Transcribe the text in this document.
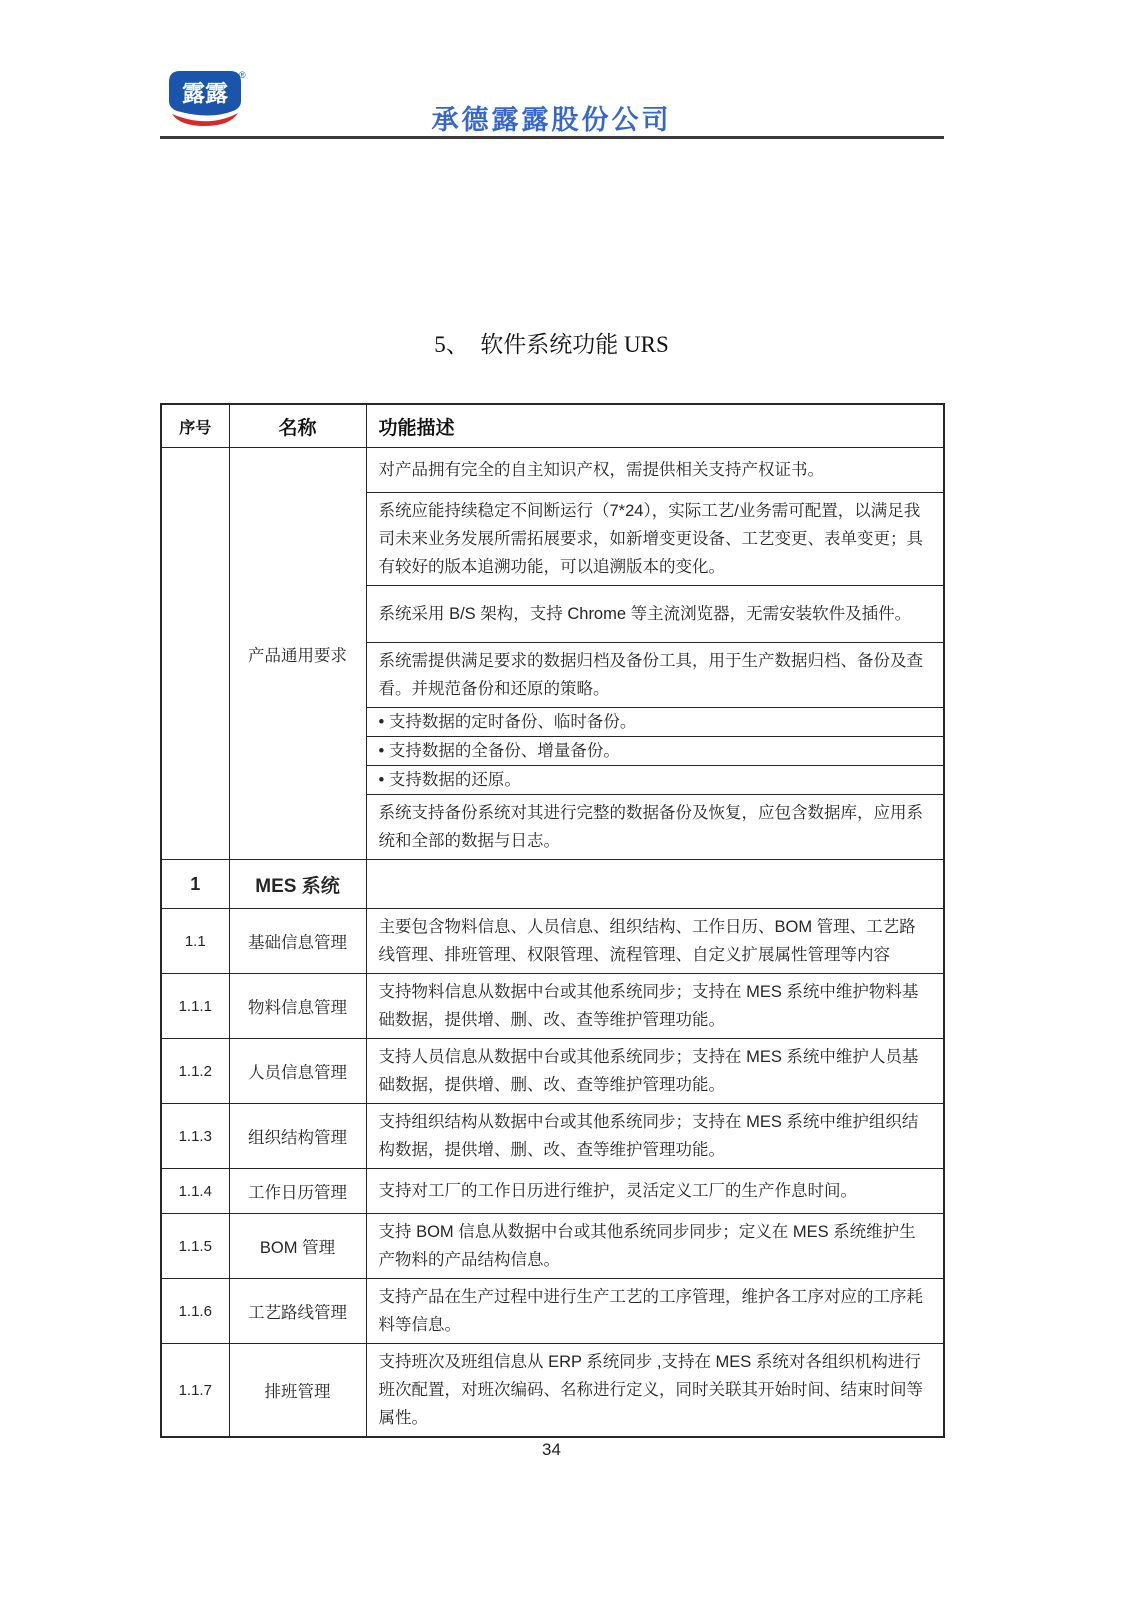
露露
®
承德露露股份公司
5、　软件系统功能 URS
序号	名称	功能描述
	产品通用要求	对产品拥有完全的自主知识产权，需提供相关支持产权证书。
		系统应能持续稳定不间断运行（7*24），实际工艺/业务需可配置，以满足我司未来业务发展所需拓展要求，如新增变更设备、工艺变更、表单变更；具有较好的版本追溯功能，可以追溯版本的变化。
		系统采用 B/S 架构，支持 Chrome 等主流浏览器，无需安装软件及插件。
		系统需提供满足要求的数据归档及备份工具，用于生产数据归档、备份及查看。并规范备份和还原的策略。
		• 支持数据的定时备份、临时备份。
		• 支持数据的全备份、增量备份。
		• 支持数据的还原。
		系统支持备份系统对其进行完整的数据备份及恢复，应包含数据库，应用系统和全部的数据与日志。
1	MES 系统	
1.1	基础信息管理	主要包含物料信息、人员信息、组织结构、工作日历、BOM 管理、工艺路线管理、排班管理、权限管理、流程管理、自定义扩展属性管理等内容
1.1.1	物料信息管理	支持物料信息从数据中台或其他系统同步；支持在 MES 系统中维护物料基础数据，提供增、删、改、查等维护管理功能。
1.1.2	人员信息管理	支持人员信息从数据中台或其他系统同步；支持在 MES 系统中维护人员基础数据，提供增、删、改、查等维护管理功能。
1.1.3	组织结构管理	支持组织结构从数据中台或其他系统同步；支持在 MES 系统中维护组织结构数据，提供增、删、改、查等维护管理功能。
1.1.4	工作日历管理	支持对工厂的工作日历进行维护，灵活定义工厂的生产作息时间。
1.1.5	BOM 管理	支持 BOM 信息从数据中台或其他系统同步同步；定义在 MES 系统维护生产物料的产品结构信息。
1.1.6	工艺路线管理	支持产品在生产过程中进行生产工艺的工序管理，维护各工序对应的工序耗料等信息。
1.1.7	排班管理	支持班次及班组信息从 ERP 系统同步 ,支持在 MES 系统对各组织机构进行班次配置，对班次编码、名称进行定义，同时关联其开始时间、结束时间等属性。
34
